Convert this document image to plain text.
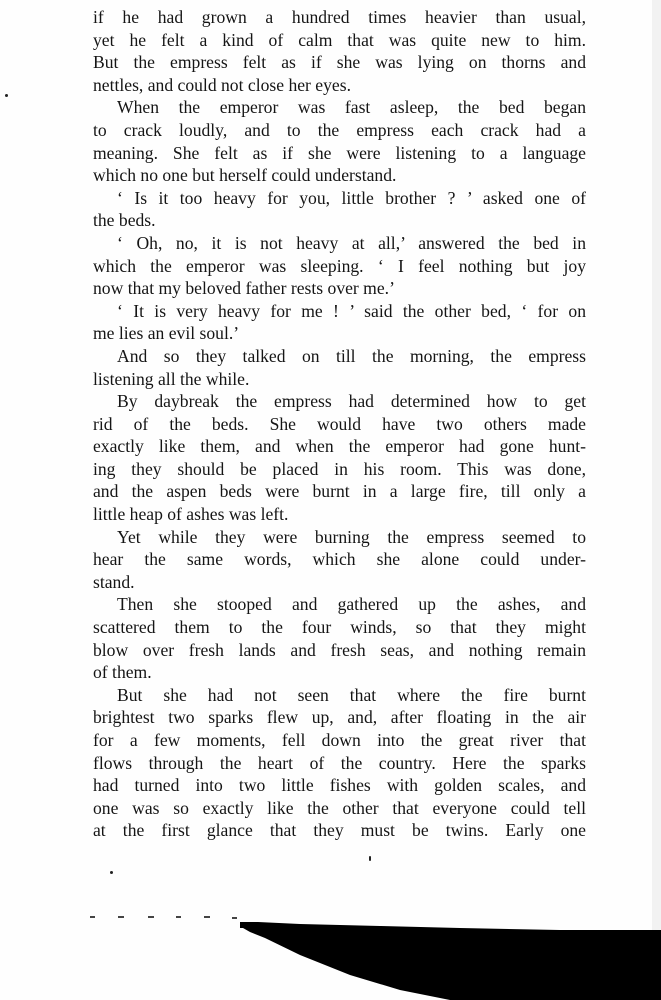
if he had grown a hundred times heavier than usual,
yet he felt a kind of calm that was quite new to him.
But the empress felt as if she was lying on thorns and
nettles, and could not close her eyes.
When the emperor was fast asleep, the bed began
to crack loudly, and to the empress each crack had a
meaning. She felt as if she were listening to a language
which no one but herself could understand.
‘ Is it too heavy for you, little brother ? ’ asked one of
the beds.
‘ Oh, no, it is not heavy at all,’ answered the bed in
which the emperor was sleeping. ‘ I feel nothing but joy
now that my beloved father rests over me.’
‘ It is very heavy for me ! ’ said the other bed, ‘ for on
me lies an evil soul.’
And so they talked on till the morning, the empress
listening all the while.
By daybreak the empress had determined how to get
rid of the beds. She would have two others made
exactly like them, and when the emperor had gone hunt-
ing they should be placed in his room. This was done,
and the aspen beds were burnt in a large fire, till only a
little heap of ashes was left.
Yet while they were burning the empress seemed to
hear the same words, which she alone could under-
stand.
Then she stooped and gathered up the ashes, and
scattered them to the four winds, so that they might
blow over fresh lands and fresh seas, and nothing remain
of them.
But she had not seen that where the fire burnt
brightest two sparks flew up, and, after floating in the air
for a few moments, fell down into the great river that
flows through the heart of the country. Here the sparks
had turned into two little fishes with golden scales, and
one was so exactly like the other that everyone could tell
at the first glance that they must be twins. Early one
